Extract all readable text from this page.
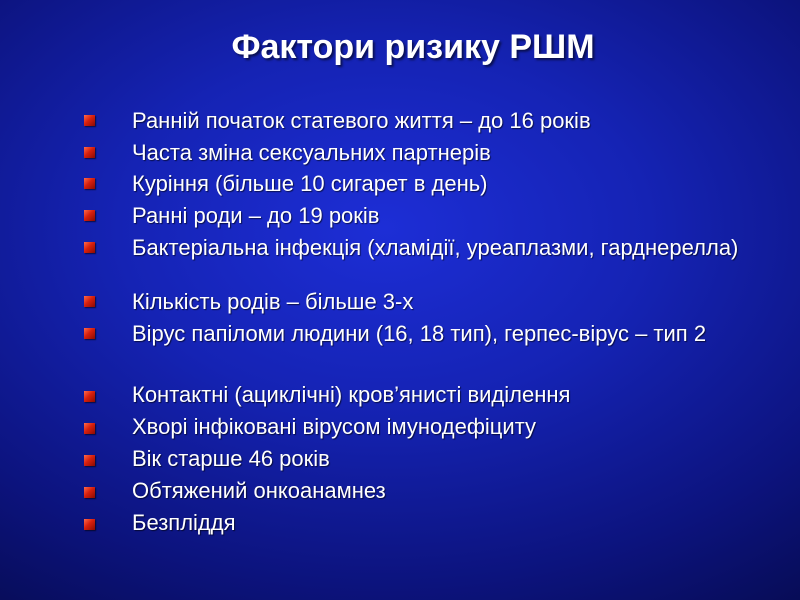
Фактори ризику РШМ
Ранній початок статевого життя – до 16 років
Часта зміна сексуальних партнерів
Куріння (більше 10 сигарет в день)
Ранні роди – до 19 років
Бактеріальна інфекція (хламідії, уреаплазми, гарднерелла)
Кількість родів – більше 3-х
Вірус папіломи людини (16, 18 тип), герпес-вірус – тип 2
Контактні (ациклічні) кров’янисті виділення
Хворі інфіковані вірусом імунодефіциту
Вік старше 46 років
Обтяжений онкоанамнез
Безпліддя
